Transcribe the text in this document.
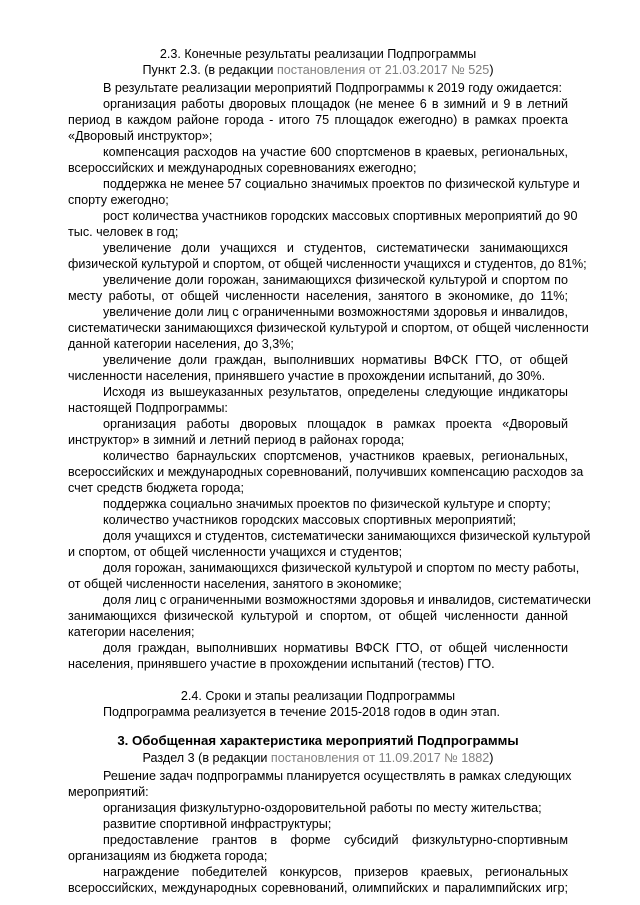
2.3. Конечные результаты реализации Подпрограммы
Пункт 2.3. (в редакции постановления от 21.03.2017 № 525)
В результате реализации мероприятий Подпрограммы к 2019 году ожидается:
организация работы дворовых площадок (не менее 6 в зимний и 9 в летний
период в каждом районе города - итого 75 площадок ежегодно) в рамках проекта
«Дворовый инструктор»;
компенсация расходов на участие 600 спортсменов в краевых, региональных,
всероссийских и международных соревнованиях ежегодно;
поддержка не менее 57 социально значимых проектов по физической культуре и
спорту ежегодно;
рост количества участников городских массовых спортивных мероприятий до 90
тыс. человек в год;
увеличение доли учащихся и студентов, систематически занимающихся
физической культурой и спортом, от общей численности учащихся и студентов, до 81%;
увеличение доли горожан, занимающихся физической культурой и спортом по
месту работы, от общей численности населения, занятого в экономике, до 11%;
увеличение доли лиц с ограниченными возможностями здоровья и инвалидов,
систематически занимающихся физической культурой и спортом, от общей численности
данной категории населения, до 3,3%;
увеличение доли граждан, выполнивших нормативы ВФСК ГТО, от общей
численности населения, принявшего участие в прохождении испытаний, до 30%.
Исходя из вышеуказанных результатов, определены следующие индикаторы
настоящей Подпрограммы:
организация работы дворовых площадок в рамках проекта «Дворовый
инструктор» в зимний и летний период в районах города;
количество барнаульских спортсменов, участников краевых, региональных,
всероссийских и международных соревнований, получивших компенсацию расходов за
счет средств бюджета города;
поддержка социально значимых проектов по физической культуре и спорту;
количество участников городских массовых спортивных мероприятий;
доля учащихся и студентов, систематически занимающихся физической культурой
и спортом, от общей численности учащихся и студентов;
доля горожан, занимающихся физической культурой и спортом по месту работы,
от общей численности населения, занятого в экономике;
доля лиц с ограниченными возможностями здоровья и инвалидов, систематически
занимающихся физической культурой и спортом, от общей численности данной
категории населения;
доля граждан, выполнивших нормативы ВФСК ГТО, от общей численности
населения, принявшего участие в прохождении испытаний (тестов) ГТО.
2.4. Сроки и этапы реализации Подпрограммы
Подпрограмма реализуется в течение 2015-2018 годов в один этап.
3. Обобщенная характеристика мероприятий Подпрограммы
Раздел 3 (в редакции постановления от 11.09.2017 № 1882)
Решение задач подпрограммы планируется осуществлять в рамках следующих
мероприятий:
организация физкультурно-оздоровительной работы по месту жительства;
развитие спортивной инфраструктуры;
предоставление грантов в форме субсидий физкультурно-спортивным
организациям из бюджета города;
награждение победителей конкурсов, призеров краевых, региональных
всероссийских, международных соревнований, олимпийских и паралимпийских игр;
